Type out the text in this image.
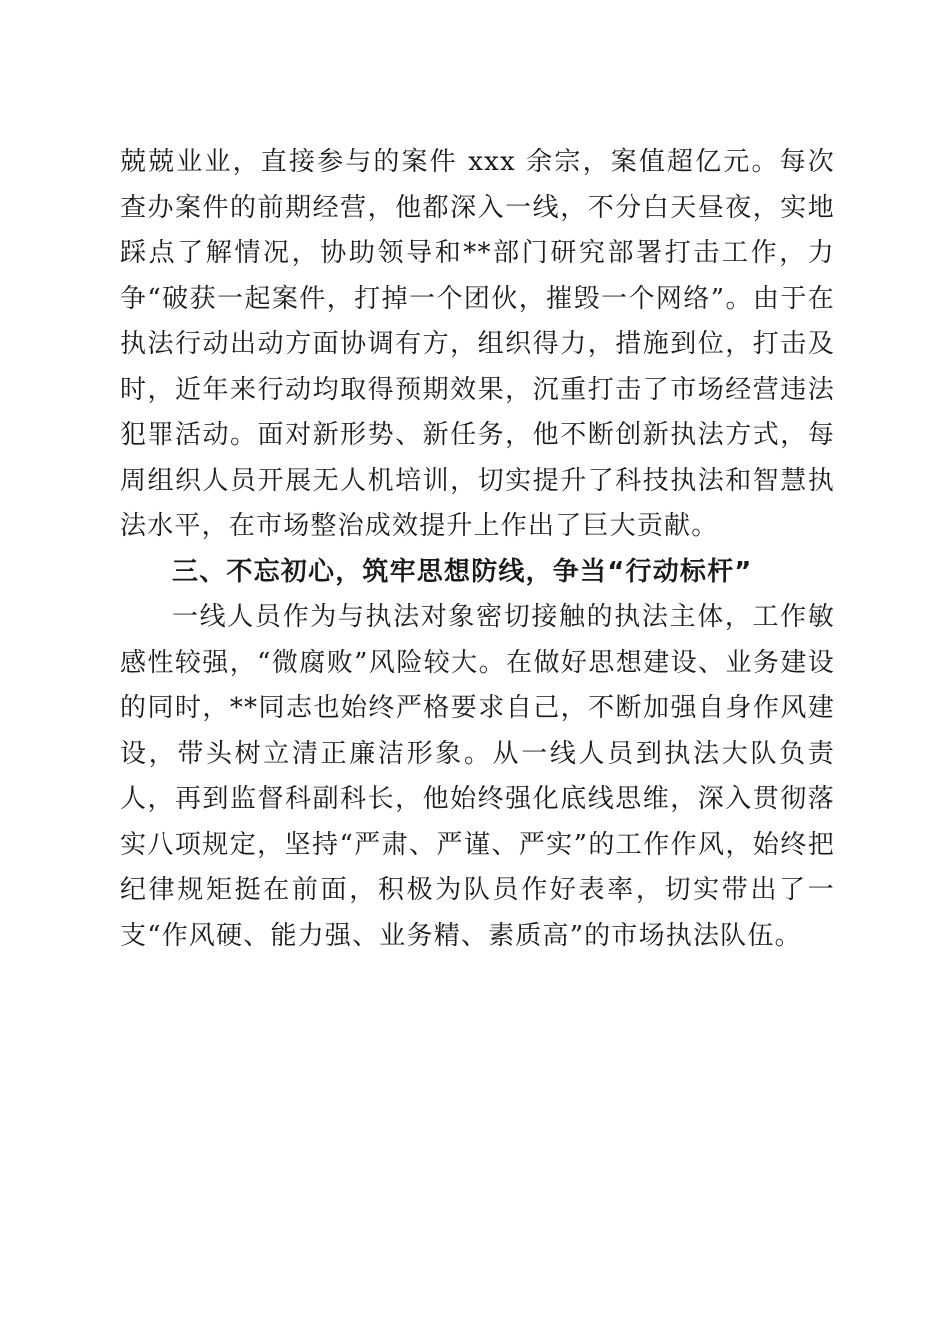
兢兢业业，直接参与的案件 xxx 余宗，案值超亿元。每次查办案件的前期经营，他都深入一线，不分白天昼夜，实地踩点了解情况，协助领导和**部门研究部署打击工作，力争“破获一起案件，打掉一个团伙，摧毁一个网络”。由于在执法行动出动方面协调有方，组织得力，措施到位，打击及时，近年来行动均取得预期效果，沉重打击了市场经营违法犯罪活动。面对新形势、新任务，他不断创新执法方式，每周组织人员开展无人机培训，切实提升了科技执法和智慧执法水平，在市场整治成效提升上作出了巨大贡献。

三、不忘初心，筑牢思想防线，争当“行动标杆”

一线人员作为与执法对象密切接触的执法主体，工作敏感性较强，“微腐败”风险较大。在做好思想建设、业务建设的同时，**同志也始终严格要求自己，不断加强自身作风建设，带头树立清正廉洁形象。从一线人员到执法大队负责人，再到监督科副科长，他始终强化底线思维，深入贯彻落实八项规定，坚持“严肃、严谨、严实”的工作作风，始终把纪律规矩挺在前面，积极为队员作好表率，切实带出了一支“作风硬、能力强、业务精、素质高”的市场执法队伍。
